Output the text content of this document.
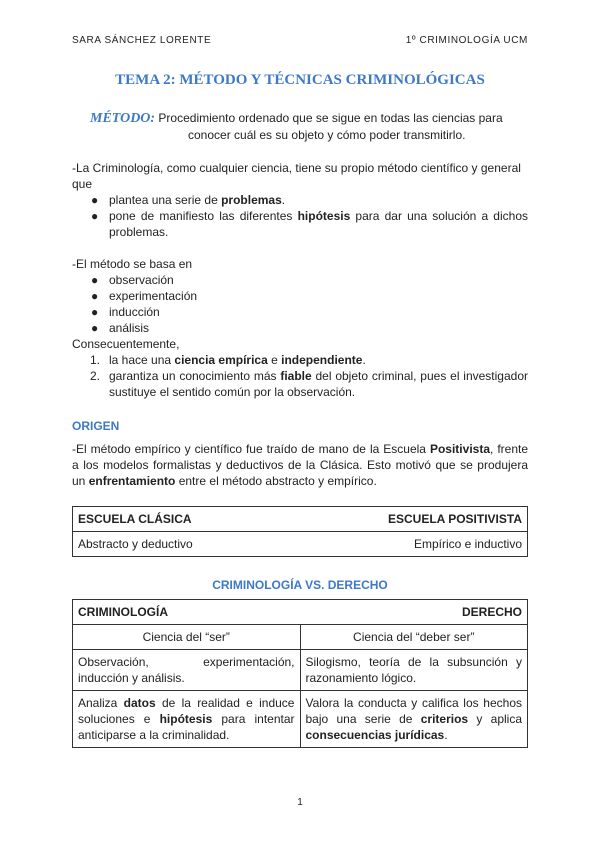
SARA SÁNCHEZ LORENTE	1º CRIMINOLOGÍA UCM
TEMA 2: MÉTODO Y TÉCNICAS CRIMINOLÓGICAS
MÉTODO: Procedimiento ordenado que se sigue en todas las ciencias para conocer cuál es su objeto y cómo poder transmitirlo.
-La Criminología, como cualquier ciencia, tiene su propio método científico y general que
● plantea una serie de problemas.
● pone de manifiesto las diferentes hipótesis para dar una solución a dichos problemas.
-El método se basa en
● observación
● experimentación
● inducción
● análisis
Consecuentemente,
1. la hace una ciencia empírica e independiente.
2. garantiza un conocimiento más fiable del objeto criminal, pues el investigador sustituye el sentido común por la observación.
ORIGEN
-El método empírico y científico fue traído de mano de la Escuela Positivista, frente a los modelos formalistas y deductivos de la Clásica. Esto motivó que se produjera un enfrentamiento entre el método abstracto y empírico.
ESCUELA CLÁSICA	ESCUELA POSITIVISTA
Abstracto y deductivo	Empírico e inductivo
CRIMINOLOGÍA VS. DERECHO
CRIMINOLOGÍA	DERECHO
Ciencia del “ser”	Ciencia del “deber ser”
Observación, experimentación, inducción y análisis.	Silogismo, teoría de la subsunción y razonamiento lógico.
Analiza datos de la realidad e induce soluciones e hipótesis para intentar anticiparse a la criminalidad.	Valora la conducta y califica los hechos bajo una serie de criterios y aplica consecuencias jurídicas.
1
